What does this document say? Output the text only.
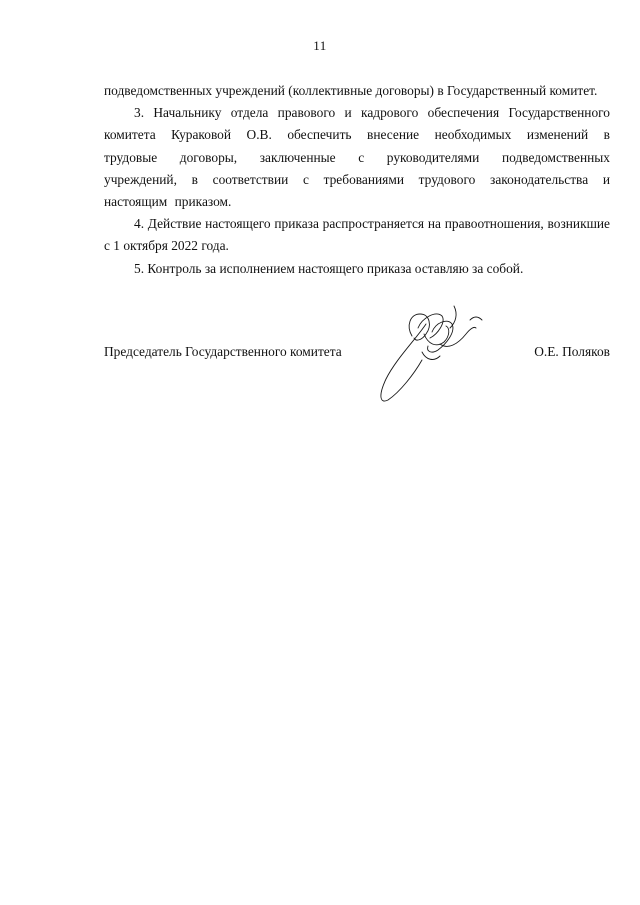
11

подведомственных учреждений (коллективные договоры) в Государственный комитет.

3. Начальнику отдела правового и кадрового обеспечения Государственного комитета Кураковой О.В. обеспечить внесение необходимых изменений в трудовые договоры, заключенные с руководителями подведомственных учреждений, в соответствии с требованиями трудового законодательства и настоящим приказом.

4. Действие настоящего приказа распространяется на правоотношения, возникшие с 1 октября 2022 года.

5. Контроль за исполнением настоящего приказа оставляю за собой.

Председатель Государственного комитета	О.Е. Поляков
